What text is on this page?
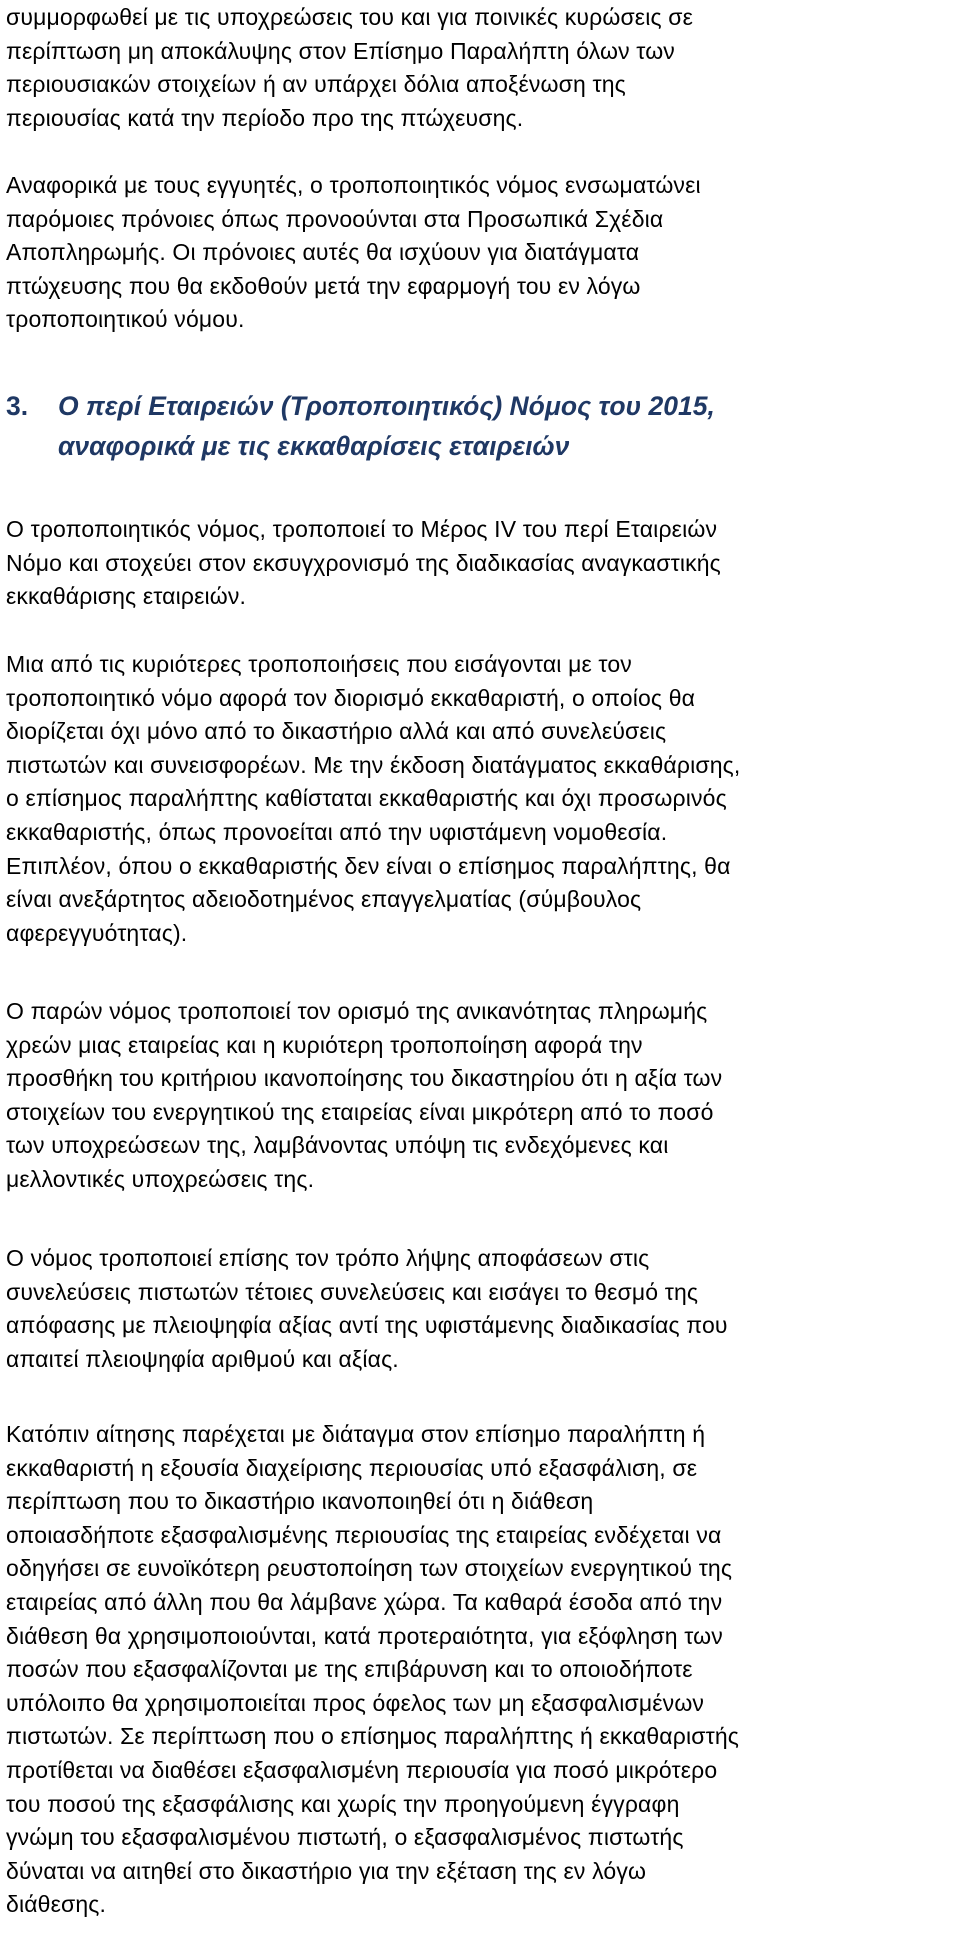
συμμορφωθεί με τις υποχρεώσεις του και για ποινικές κυρώσεις σε
περίπτωση μη αποκάλυψης στον Επίσημο Παραλήπτη όλων των
περιουσιακών στοιχείων ή αν υπάρχει δόλια αποξένωση της
περιουσίας κατά την περίοδο προ της πτώχευσης.

Αναφορικά με τους εγγυητές, ο τροποποιητικός νόμος ενσωματώνει
παρόμοιες πρόνοιες όπως προνοούνται στα Προσωπικά Σχέδια
Αποπληρωμής. Οι πρόνοιες αυτές θα ισχύουν για διατάγματα
πτώχευσης που θα εκδοθούν μετά την εφαρμογή του εν λόγω
τροποποιητικού νόμου.

3. Ο περί Εταιρειών (Τροποποιητικός) Νόμος του 2015,
αναφορικά με τις εκκαθαρίσεις εταιρειών

Ο τροποποιητικός νόμος, τροποποιεί το Μέρος IV του περί Εταιρειών
Νόμο και στοχεύει στον εκσυγχρονισμό της διαδικασίας αναγκαστικής
εκκαθάρισης εταιρειών.

Μια από τις κυριότερες τροποποιήσεις που εισάγονται με τον
τροποποιητικό νόμο αφορά τον διορισμό εκκαθαριστή, ο οποίος θα
διορίζεται όχι μόνο από το δικαστήριο αλλά και από συνελεύσεις
πιστωτών και συνεισφορέων. Με την έκδοση διατάγματος εκκαθάρισης,
ο επίσημος παραλήπτης καθίσταται εκκαθαριστής και όχι προσωρινός
εκκαθαριστής, όπως προνοείται από την υφιστάμενη νομοθεσία.
Επιπλέον, όπου ο εκκαθαριστής δεν είναι ο επίσημος παραλήπτης, θα
είναι ανεξάρτητος αδειοδοτημένος επαγγελματίας (σύμβουλος
αφερεγγυότητας).

Ο παρών νόμος τροποποιεί τον ορισμό της ανικανότητας πληρωμής
χρεών μιας εταιρείας και η κυριότερη τροποποίηση αφορά την
προσθήκη του κριτήριου ικανοποίησης του δικαστηρίου ότι η αξία των
στοιχείων του ενεργητικού της εταιρείας είναι μικρότερη από το ποσό
των υποχρεώσεων της, λαμβάνοντας υπόψη τις ενδεχόμενες και
μελλοντικές υποχρεώσεις της.

Ο νόμος τροποποιεί επίσης τον τρόπο λήψης αποφάσεων στις
συνελεύσεις πιστωτών τέτοιες συνελεύσεις και εισάγει το θεσμό της
απόφασης με πλειοψηφία αξίας αντί της υφιστάμενης διαδικασίας που
απαιτεί πλειοψηφία αριθμού και αξίας.

Κατόπιν αίτησης παρέχεται με διάταγμα στον επίσημο παραλήπτη ή
εκκαθαριστή η εξουσία διαχείρισης περιουσίας υπό εξασφάλιση, σε
περίπτωση που το δικαστήριο ικανοποιηθεί ότι η διάθεση
οποιασδήποτε εξασφαλισμένης περιουσίας της εταιρείας ενδέχεται να
οδηγήσει σε ευνοϊκότερη ρευστοποίηση των στοιχείων ενεργητικού της
εταιρείας από άλλη που θα λάμβανε χώρα. Τα καθαρά έσοδα από την
διάθεση θα χρησιμοποιούνται, κατά προτεραιότητα, για εξόφληση των
ποσών που εξασφαλίζονται με της επιβάρυνση και το οποιοδήποτε
υπόλοιπο θα χρησιμοποιείται προς όφελος των μη εξασφαλισμένων
πιστωτών. Σε περίπτωση που ο επίσημος παραλήπτης ή εκκαθαριστής
προτίθεται να διαθέσει εξασφαλισμένη περιουσία για ποσό μικρότερο
του ποσού της εξασφάλισης και χωρίς την προηγούμενη έγγραφη
γνώμη του εξασφαλισμένου πιστωτή, ο εξασφαλισμένος πιστωτής
δύναται να αιτηθεί στο δικαστήριο για την εξέταση της εν λόγω
διάθεσης.
